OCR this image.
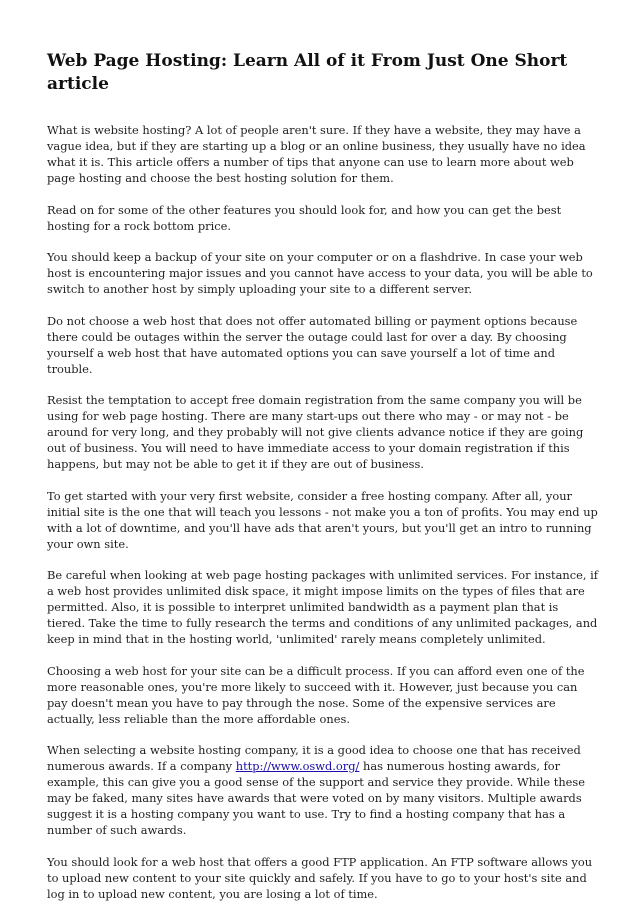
Web Page Hosting: Learn All of it From Just One Short article

What is website hosting? A lot of people aren't sure. If they have a website, they may have a vague idea, but if they are starting up a blog or an online business, they usually have no idea what it is. This article offers a number of tips that anyone can use to learn more about web page hosting and choose the best hosting solution for them.

Read on for some of the other features you should look for, and how you can get the best hosting for a rock bottom price.

You should keep a backup of your site on your computer or on a flashdrive. In case your web host is encountering major issues and you cannot have access to your data, you will be able to switch to another host by simply uploading your site to a different server.

Do not choose a web host that does not offer automated billing or payment options because there could be outages within the server the outage could last for over a day. By choosing yourself a web host that have automated options you can save yourself a lot of time and trouble.

Resist the temptation to accept free domain registration from the same company you will be using for web page hosting. There are many start-ups out there who may - or may not - be around for very long, and they probably will not give clients advance notice if they are going out of business. You will need to have immediate access to your domain registration if this happens, but may not be able to get it if they are out of business.

To get started with your very first website, consider a free hosting company. After all, your initial site is the one that will teach you lessons - not make you a ton of profits. You may end up with a lot of downtime, and you'll have ads that aren't yours, but you'll get an intro to running your own site.

Be careful when looking at web page hosting packages with unlimited services. For instance, if a web host provides unlimited disk space, it might impose limits on the types of files that are permitted. Also, it is possible to interpret unlimited bandwidth as a payment plan that is tiered. Take the time to fully research the terms and conditions of any unlimited packages, and keep in mind that in the hosting world, 'unlimited' rarely means completely unlimited.

Choosing a web host for your site can be a difficult process. If you can afford even one of the more reasonable ones, you're more likely to succeed with it. However, just because you can pay doesn't mean you have to pay through the nose. Some of the expensive services are actually, less reliable than the more affordable ones.

When selecting a website hosting company, it is a good idea to choose one that has received numerous awards. If a company http://www.oswd.org/ has numerous hosting awards, for example, this can give you a good sense of the support and service they provide. While these may be faked, many sites have awards that were voted on by many visitors. Multiple awards suggest it is a hosting company you want to use. Try to find a hosting company that has a number of such awards.

You should look for a web host that offers a good FTP application. An FTP software allows you to upload new content to your site quickly and safely. If you have to go to your host's site and log in to upload new content, you are losing a lot of time.
